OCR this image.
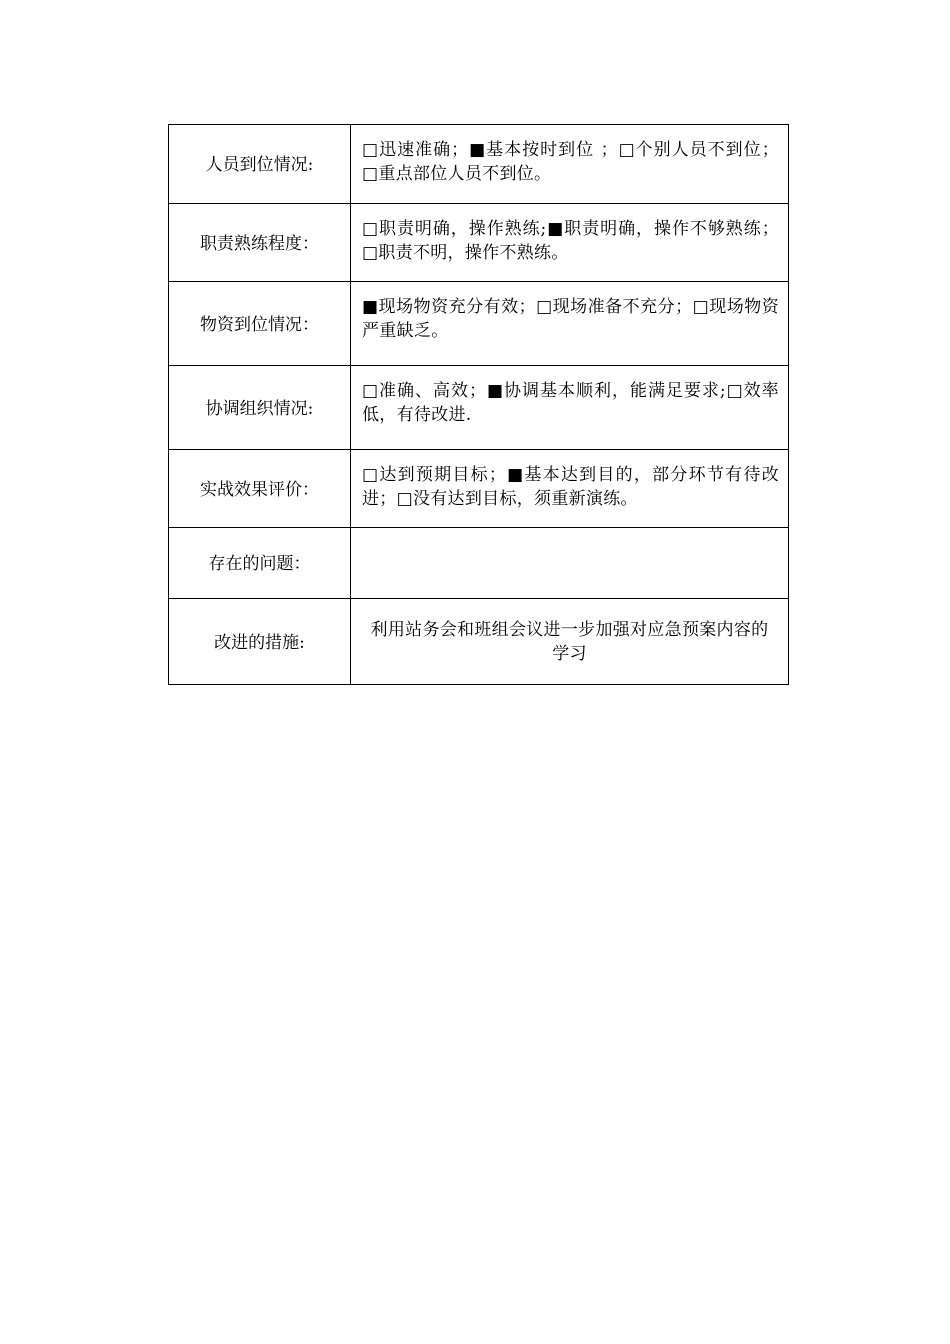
人员到位情况:	□迅速准确；■基本按时到位 ；□个别人员不到位；□重点部位人员不到位。
职责熟练程度：	□职责明确，操作熟练;■职责明确，操作不够熟练；□职责不明，操作不熟练。
物资到位情况：	■现场物资充分有效；□现场准备不充分；□现场物资严重缺乏。
协调组织情况:	□准确、高效；■协调基本顺利，能满足要求;□效率低，有待改进.
实战效果评价：	□达到预期目标；■基本达到目的，部分环节有待改进；□没有达到目标，须重新演练。
存在的问题：	
改进的措施:	利用站务会和班组会议进一步加强对应急预案内容的学习
